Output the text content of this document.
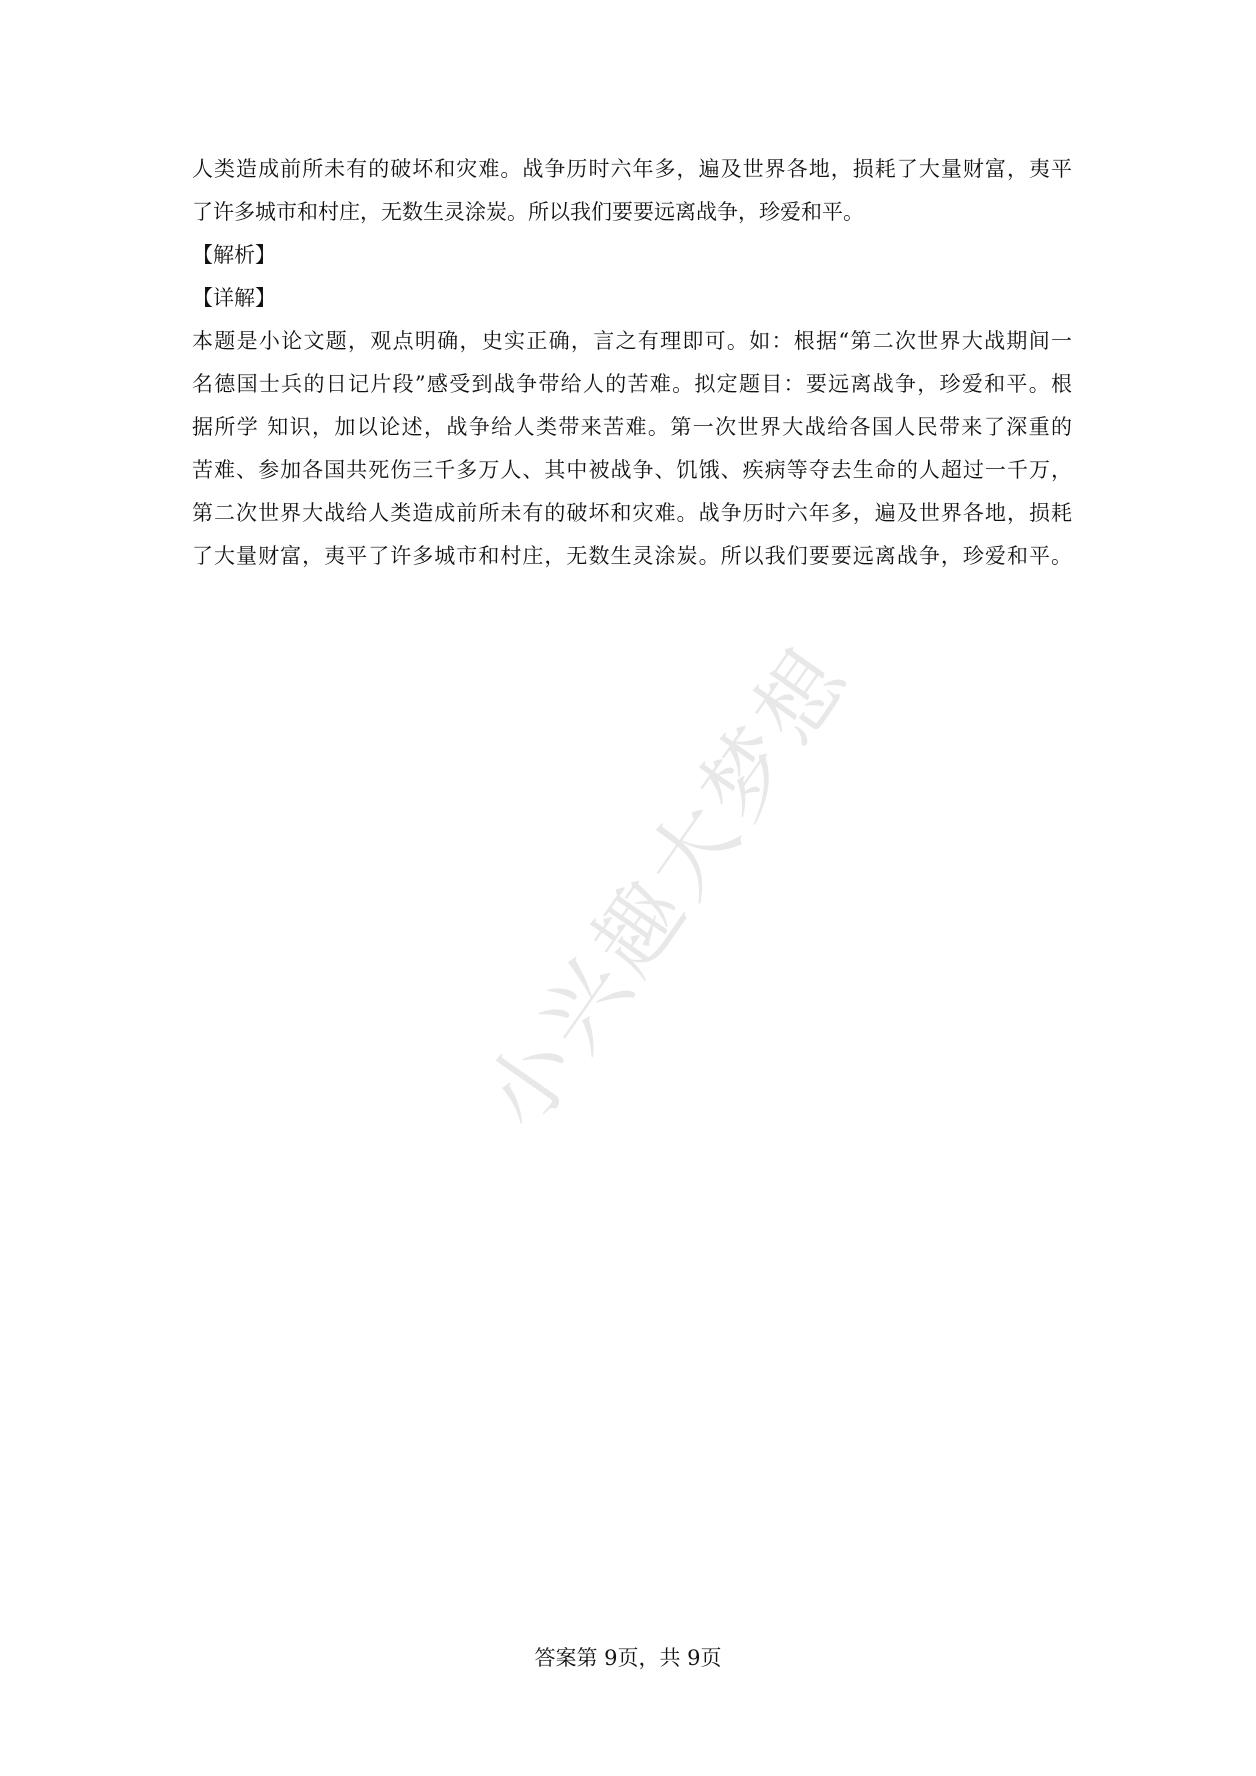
小兴趣大梦想
人类造成前所未有的破坏和灾难。战争历时六年多，遍及世界各地，损耗了大量财富，夷平
了许多城市和村庄，无数生灵涂炭。所以我们要要远离战争，珍爱和平。
【解析】
【详解】
本题是小论文题，观点明确，史实正确，言之有理即可。如：根据“第二次世界大战期间一
名德国士兵的日记片段”感受到战争带给人的苦难。拟定题目：要远离战争，珍爱和平。根
据所学 知识，加以论述，战争给人类带来苦难。第一次世界大战给各国人民带来了深重的
苦难、参加各国共死伤三千多万人、其中被战争、饥饿、疾病等夺去生命的人超过一千万，
第二次世界大战给人类造成前所未有的破坏和灾难。战争历时六年多，遍及世界各地，损耗
了大量财富，夷平了许多城市和村庄，无数生灵涂炭。所以我们要要远离战争，珍爱和平。
答案第 9页，共 9页
